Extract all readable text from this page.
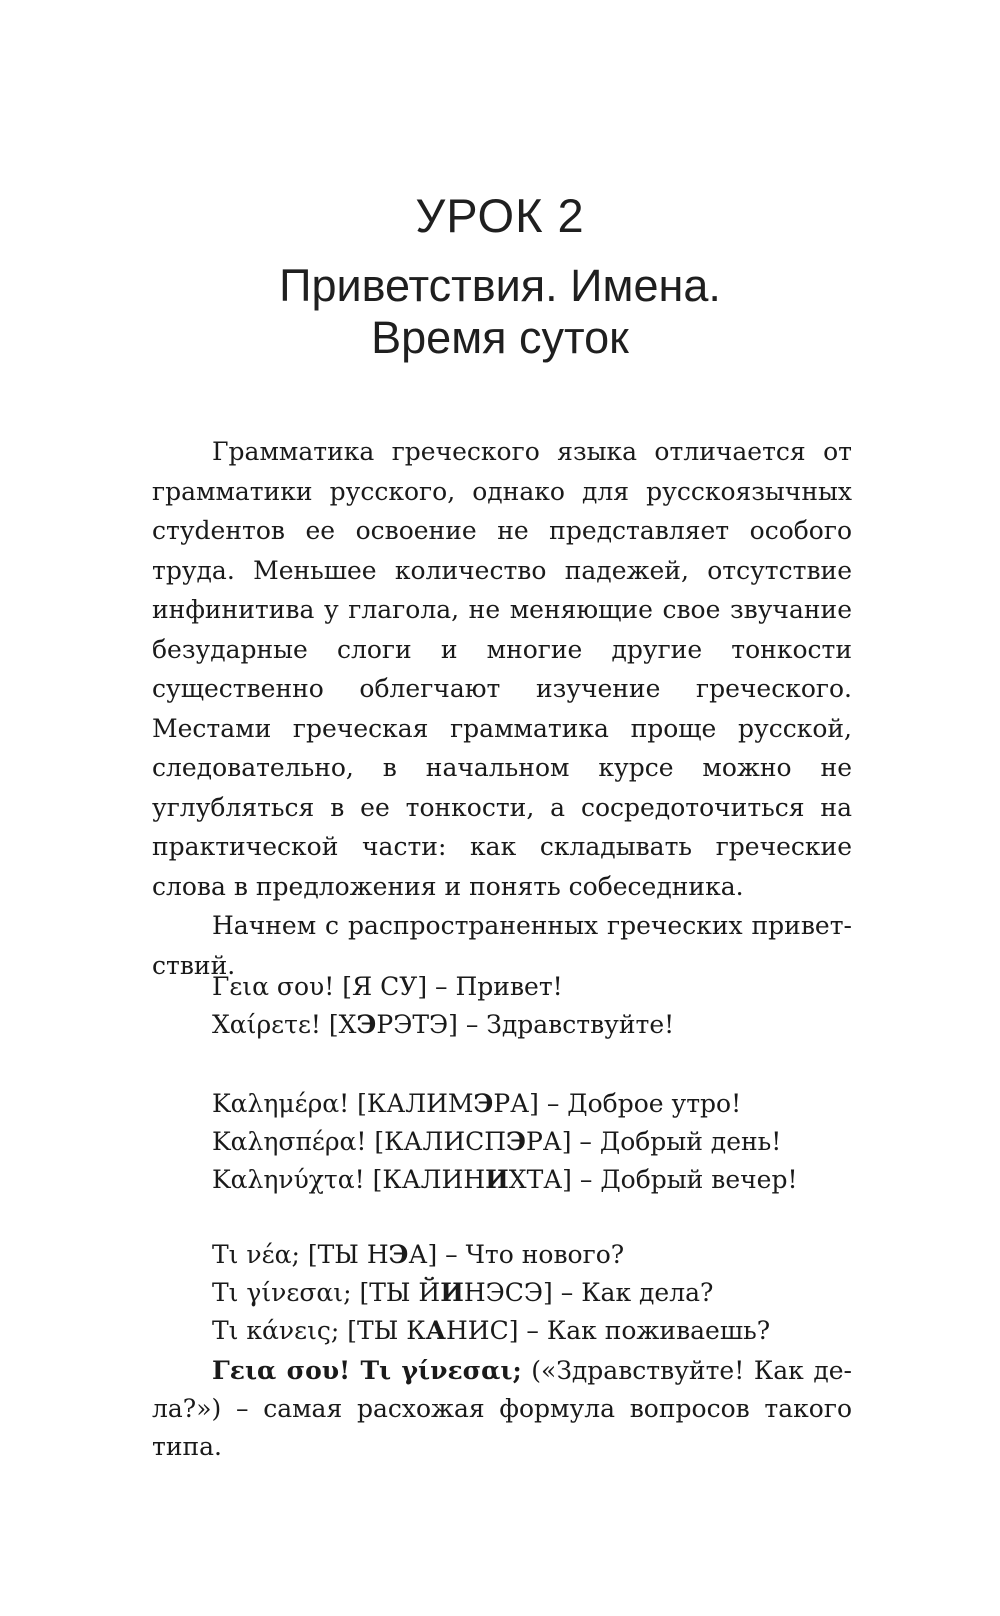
УРОК 2
Приветствия. Имена.
Время суток

Грамматика греческого языка отличается от грамматики русского, однако для русскоязычных стуdентов ее освоение не представляет особого труда. Меньшее количество падежей, отсутствие инфинитива у глагола, не меняющие свое звучание безударные слоги и многие другие тонкости существенно облегчают изучение греческого. Местами греческая грамматика проще русской, следовательно, в начальном курсе можно не углубляться в ее тонкости, а сосредоточиться на практической части: как складывать греческие слова в предложения и понять собеседника.

Начнем с распространенных греческих приветствий.

Γεια σου! [Я СУ] – Привет!
Χαίρετε! [ХЭРЭТЭ] – Здравствуйте!
Καλημέρα! [КАЛИМЭРА] – Доброе утро!
Καλησπέρα! [КАЛИСПЭРА] – Добрый день!
Καληνύχτα! [КАЛИНИХТА] – Добрый вечер!
Τι νέα; [ТЫ НЭА] – Что нового?
Τι γίνεσαι; [ТЫ ЙИНЭСЭ] – Как дела?
Τι κάνεις; [ТЫ КАНИС] – Как поживаешь?

Γεια σου! Τι γίνεσαι; («Здравствуйте! Как дела?») – самая расхожая формула вопросов такого типа.
